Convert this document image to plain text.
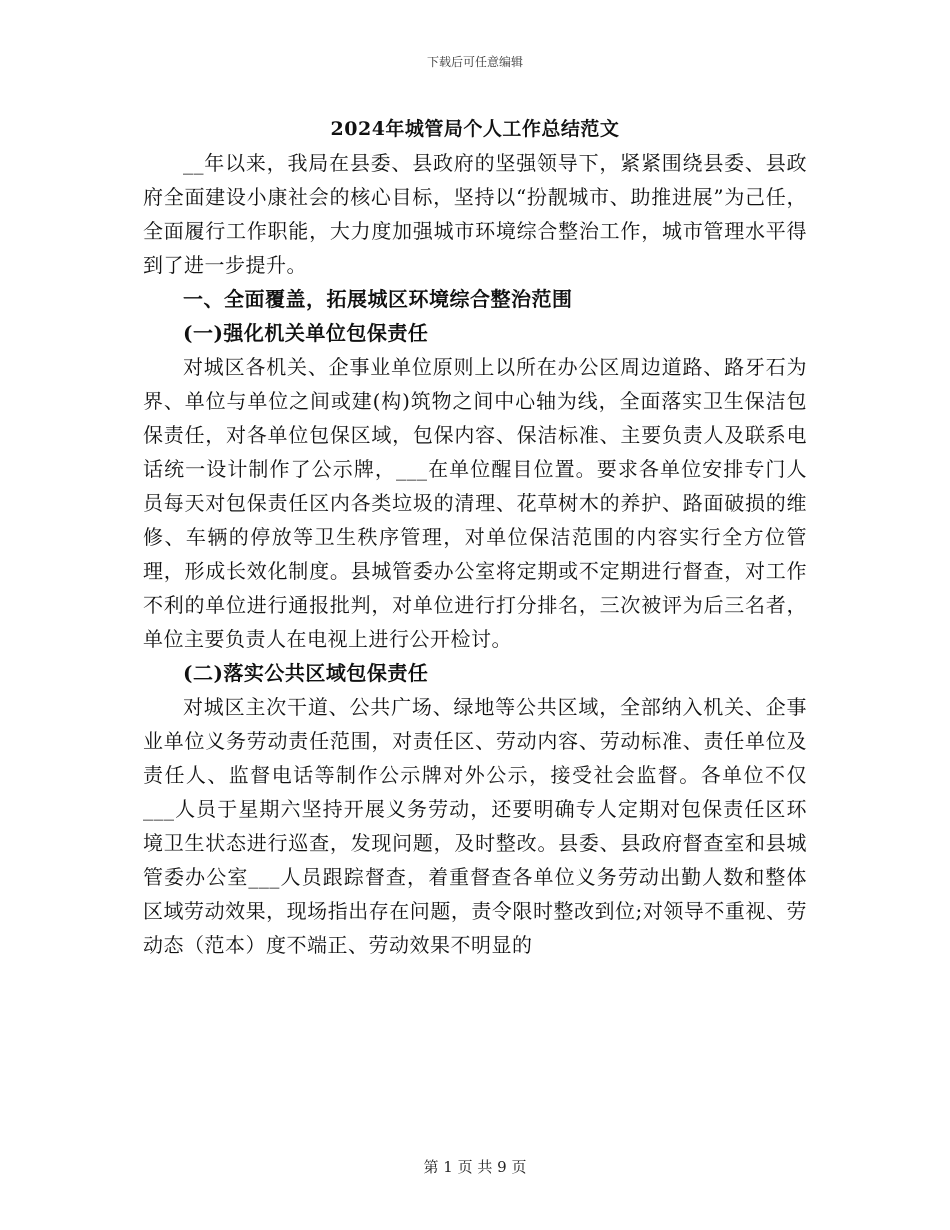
下载后可任意编辑
2024年城管局个人工作总结范文

__年以来，我局在县委、县政府的坚强领导下，紧紧围绕县委、县政府全面建设小康社会的核心目标，坚持以“扮靓城市、助推进展”为己任，全面履行工作职能，大力度加强城市环境综合整治工作，城市管理水平得到了进一步提升。

一、全面覆盖，拓展城区环境综合整治范围

(一)强化机关单位包保责任

对城区各机关、企事业单位原则上以所在办公区周边道路、路牙石为界、单位与单位之间或建(构)筑物之间中心轴为线，全面落实卫生保洁包保责任，对各单位包保区域，包保内容、保洁标准、主要负责人及联系电话统一设计制作了公示牌，___在单位醒目位置。要求各单位安排专门人员每天对包保责任区内各类垃圾的清理、花草树木的养护、路面破损的维修、车辆的停放等卫生秩序管理，对单位保洁范围的内容实行全方位管理，形成长效化制度。县城管委办公室将定期或不定期进行督查，对工作不利的单位进行通报批判，对单位进行打分排名，三次被评为后三名者，单位主要负责人在电视上进行公开检讨。

(二)落实公共区域包保责任

对城区主次干道、公共广场、绿地等公共区域，全部纳入机关、企事业单位义务劳动责任范围，对责任区、劳动内容、劳动标准、责任单位及责任人、监督电话等制作公示牌对外公示，接受社会监督。各单位不仅___人员于星期六坚持开展义务劳动，还要明确专人定期对包保责任区环境卫生状态进行巡查，发现问题，及时整改。县委、县政府督查室和县城管委办公室___人员跟踪督查，着重督查各单位义务劳动出勤人数和整体区域劳动效果，现场指出存在问题，责令限时整改到位;对领导不重视、劳动态（范本）度不端正、劳动效果不明显的

第 1 页 共 9 页
